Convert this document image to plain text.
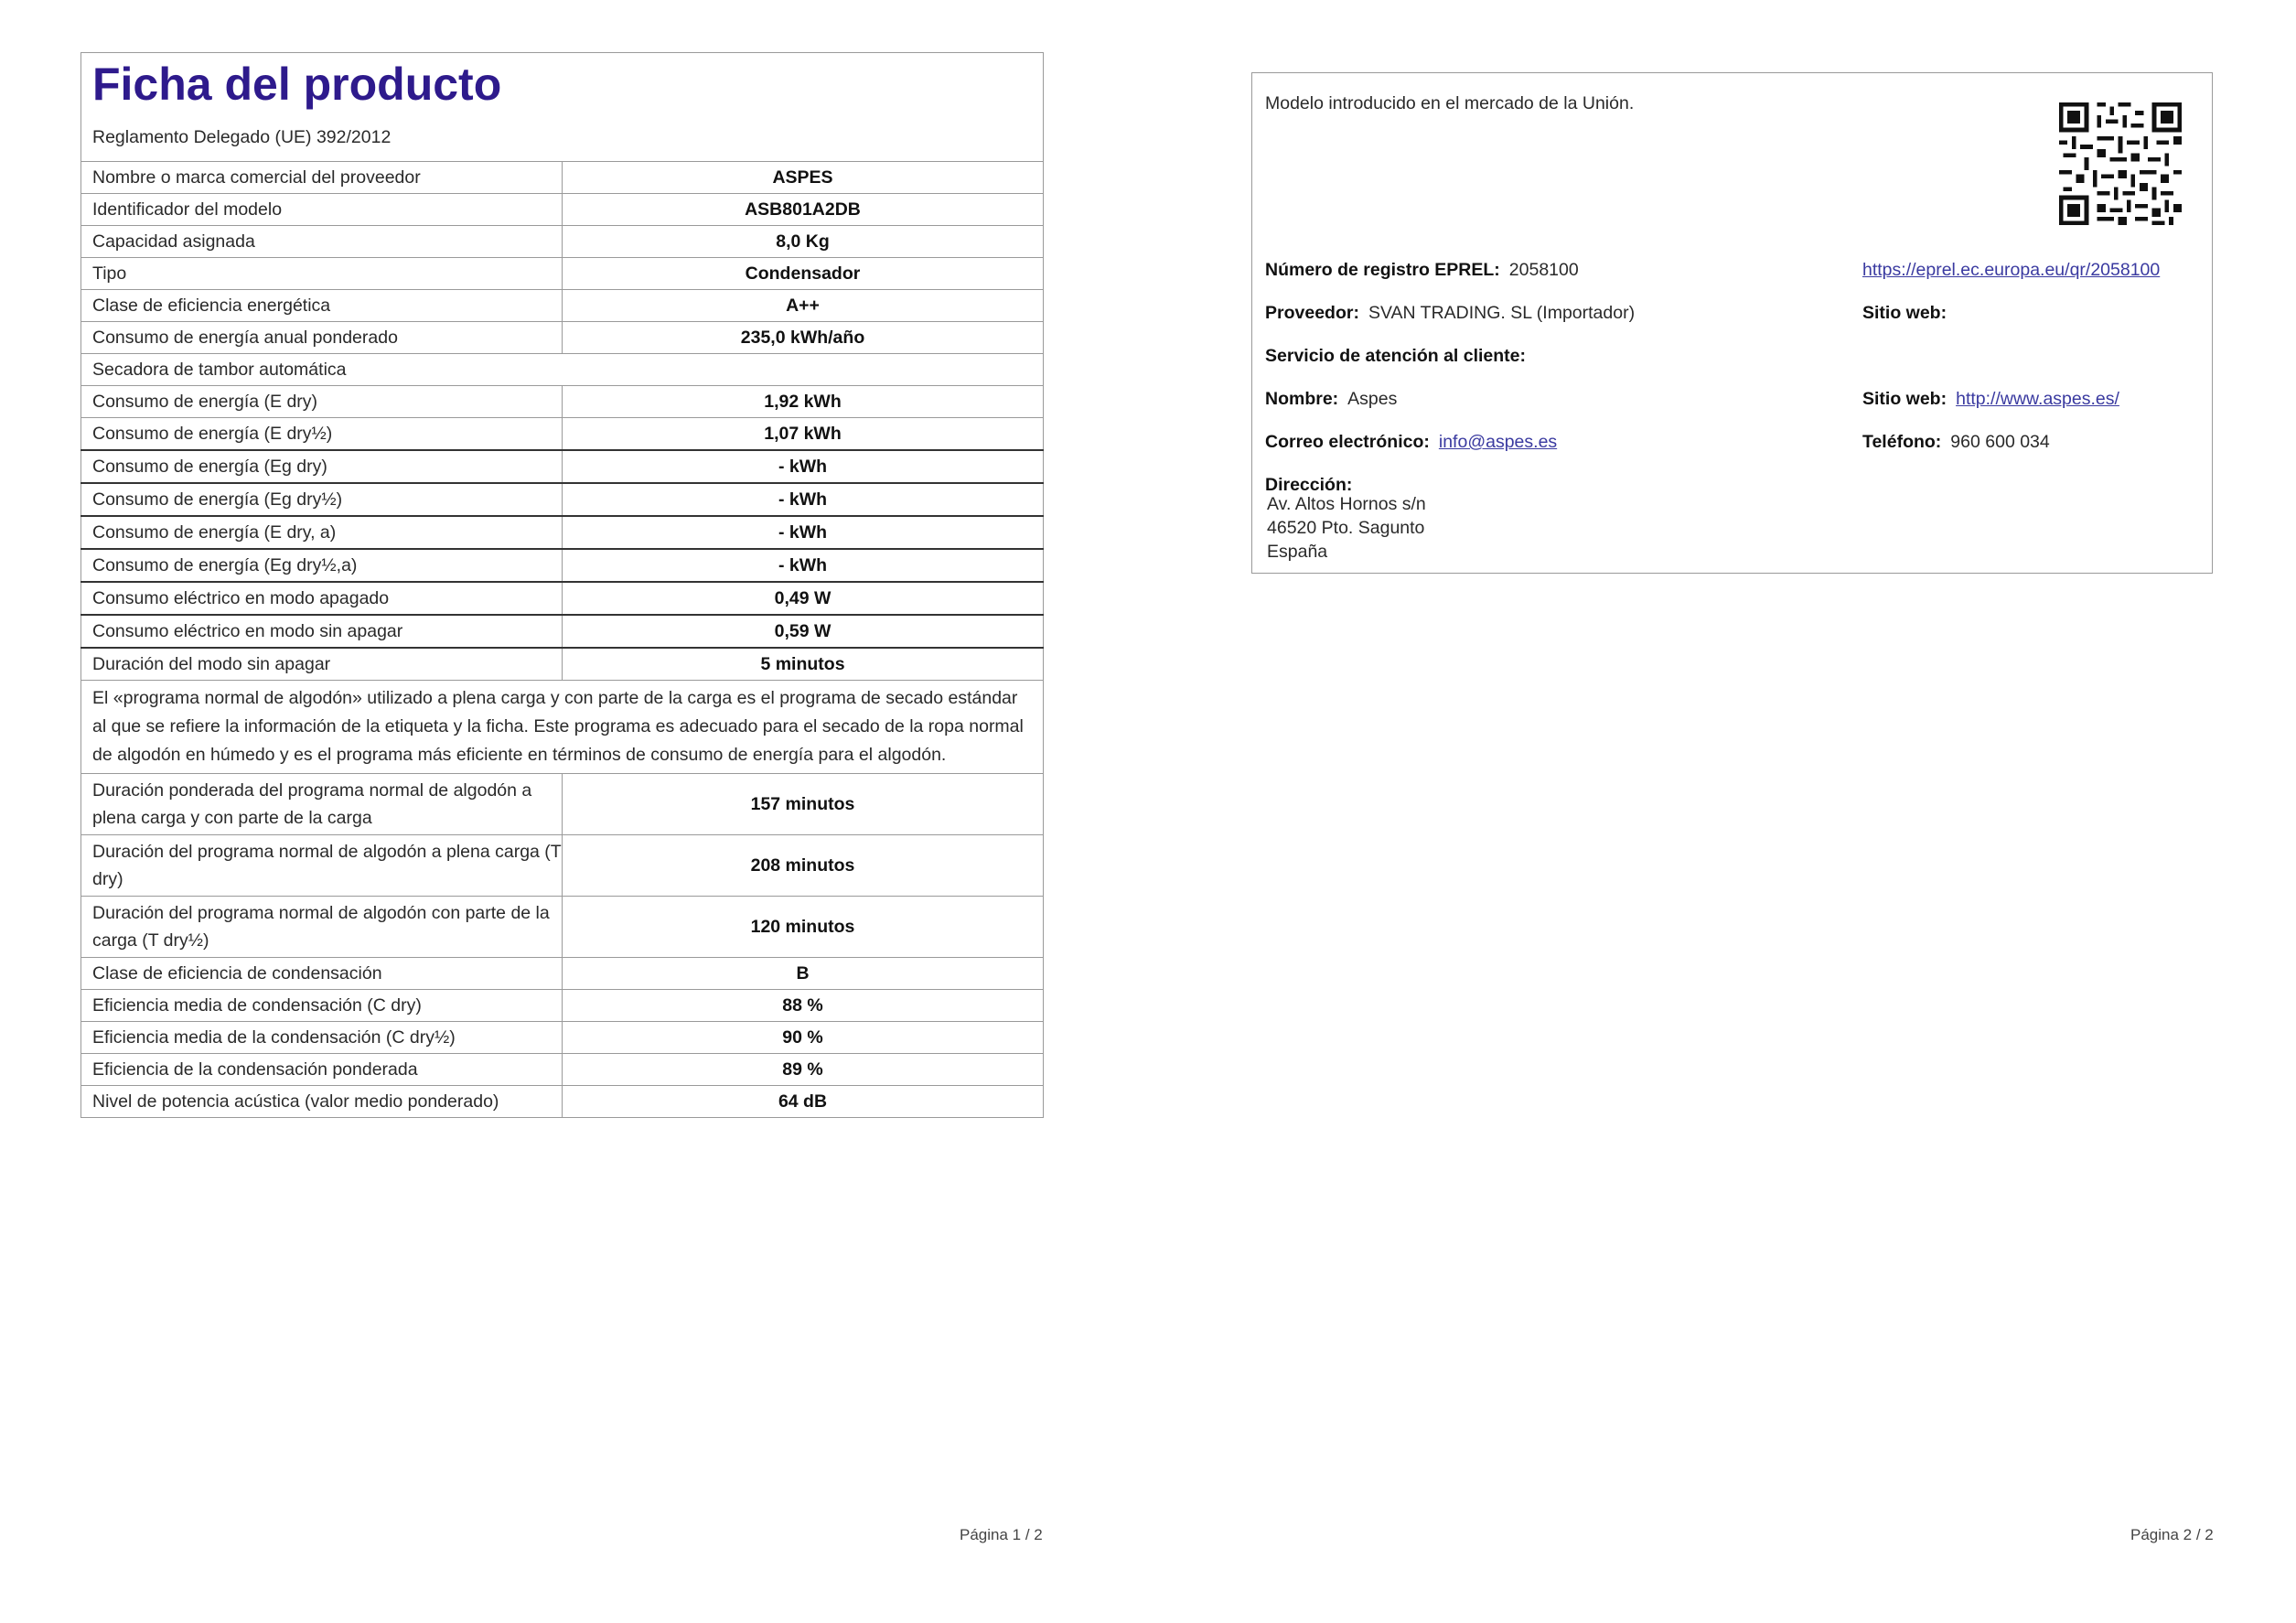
Ficha del producto
Reglamento Delegado (UE) 392/2012	

Nombre o marca comercial del proveedor	ASPES
Identificador del modelo	ASB801A2DB
Capacidad asignada	8,0 Kg
Tipo	Condensador
Clase de eficiencia energética	A++
Consumo de energía anual ponderado	235,0 kWh/año
Secadora de tambor automática	
Consumo de energía (E dry)	1,92 kWh
Consumo de energía (E dry½)	1,07 kWh
Consumo de energía (Eg dry)	- kWh
Consumo de energía (Eg dry½)	- kWh
Consumo de energía (E dry, a)	- kWh
Consumo de energía (Eg dry½,a)	- kWh
Consumo eléctrico en modo apagado	0,49 W
Consumo eléctrico en modo sin apagar	0,59 W
Duración del modo sin apagar	5 minutos
El «programa normal de algodón» utilizado a plena carga y con parte de la carga es el programa de secado estándar al que se refiere la información de la etiqueta y la ficha. Este programa es adecuado para el secado de la ropa normal de algodón en húmedo y es el programa más eficiente en términos de consumo de energía para el algodón.	
Duración ponderada del programa normal de algodón a plena carga y con parte de la carga	157 minutos
Duración del programa normal de algodón a plena carga (T dry)	208 minutos
Duración del programa normal de algodón con parte de la carga (T dry½)	120 minutos
Clase de eficiencia de condensación	B
Eficiencia media de condensación (C dry)	88 %
Eficiencia media de la condensación (C dry½)	90 %
Eficiencia de la condensación ponderada	89 %
Nivel de potencia acústica (valor medio ponderado)	64 dB
Página 1 / 2
Modelo introducido en el mercado de la Unión.
Número de registro EPREL: 2058100	https://eprel.ec.europa.eu/qr/2058100
Proveedor: SVAN TRADING. SL (Importador)	Sitio web:
Servicio de atención al cliente:
Nombre: Aspes	Sitio web: http://www.aspes.es/
Correo electrónico: info@aspes.es	Teléfono: 960 600 034
Dirección:
Av. Altos Hornos s/n
46520 Pto. Sagunto
España
Página 2 / 2
